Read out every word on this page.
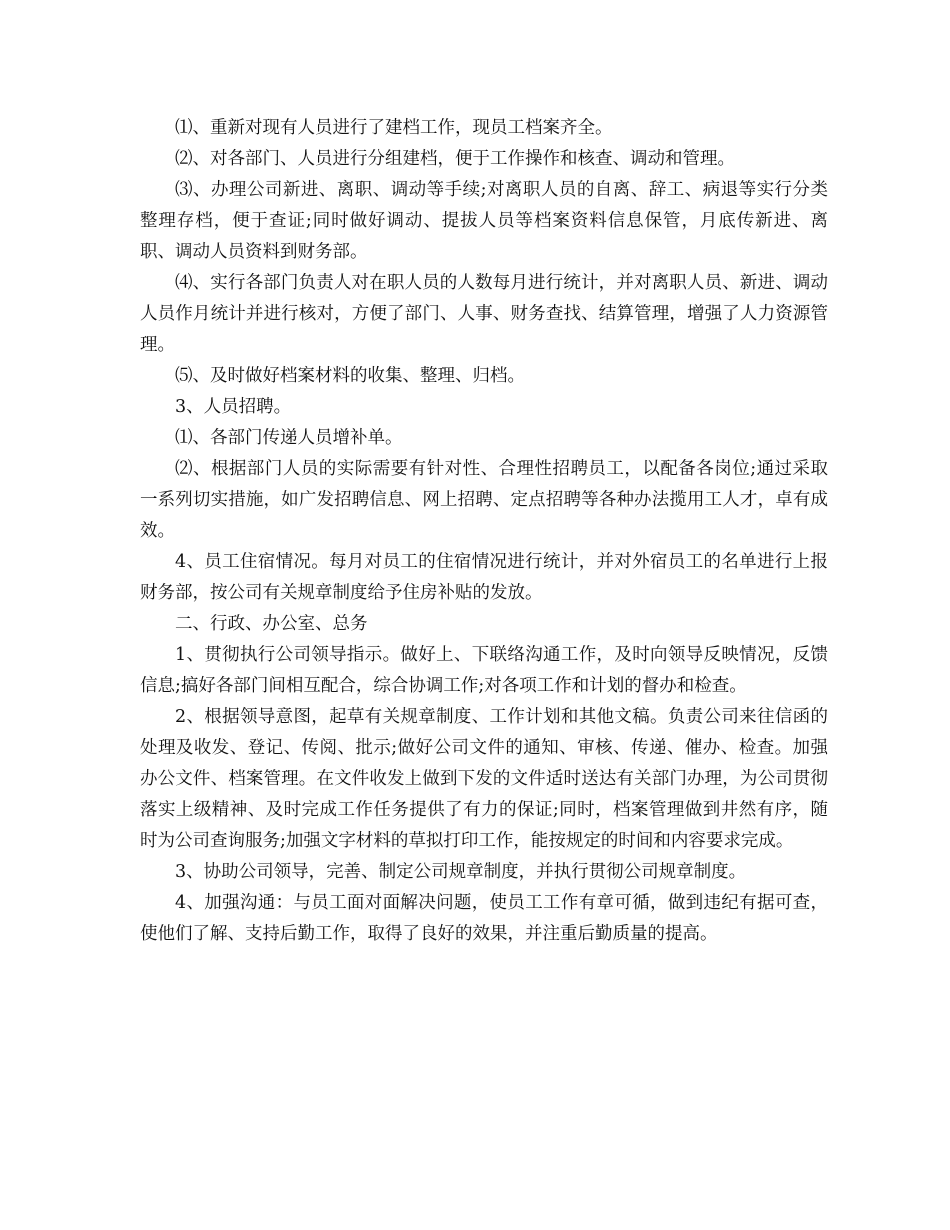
⑴、重新对现有人员进行了建档工作，现员工档案齐全。

⑵、对各部门、人员进行分组建档，便于工作操作和核查、调动和管理。

⑶、办理公司新进、离职、调动等手续;对离职人员的自离、辞工、病退等实行分类整理存档，便于查证;同时做好调动、提拔人员等档案资料信息保管，月底传新进、离职、调动人员资料到财务部。

⑷、实行各部门负责人对在职人员的人数每月进行统计，并对离职人员、新进、调动人员作月统计并进行核对，方便了部门、人事、财务查找、结算管理，增强了人力资源管理。

⑸、及时做好档案材料的收集、整理、归档。

3、人员招聘。

⑴、各部门传递人员增补单。

⑵、根据部门人员的实际需要有针对性、合理性招聘员工，以配备各岗位;通过采取一系列切实措施，如广发招聘信息、网上招聘、定点招聘等各种办法揽用工人才，卓有成效。

4、员工住宿情况。每月对员工的住宿情况进行统计，并对外宿员工的名单进行上报财务部，按公司有关规章制度给予住房补贴的发放。

二、行政、办公室、总务

1、贯彻执行公司领导指示。做好上、下联络沟通工作，及时向领导反映情况，反馈信息;搞好各部门间相互配合，综合协调工作;对各项工作和计划的督办和检查。

2、根据领导意图，起草有关规章制度、工作计划和其他文稿。负责公司来往信函的处理及收发、登记、传阅、批示;做好公司文件的通知、审核、传递、催办、检查。加强办公文件、档案管理。在文件收发上做到下发的文件适时送达有关部门办理，为公司贯彻落实上级精神、及时完成工作任务提供了有力的保证;同时，档案管理做到井然有序，随时为公司查询服务;加强文字材料的草拟打印工作，能按规定的时间和内容要求完成。

3、协助公司领导，完善、制定公司规章制度，并执行贯彻公司规章制度。

4、加强沟通：与员工面对面解决问题，使员工工作有章可循，做到违纪有据可查，使他们了解、支持后勤工作，取得了良好的效果，并注重后勤质量的提高。
